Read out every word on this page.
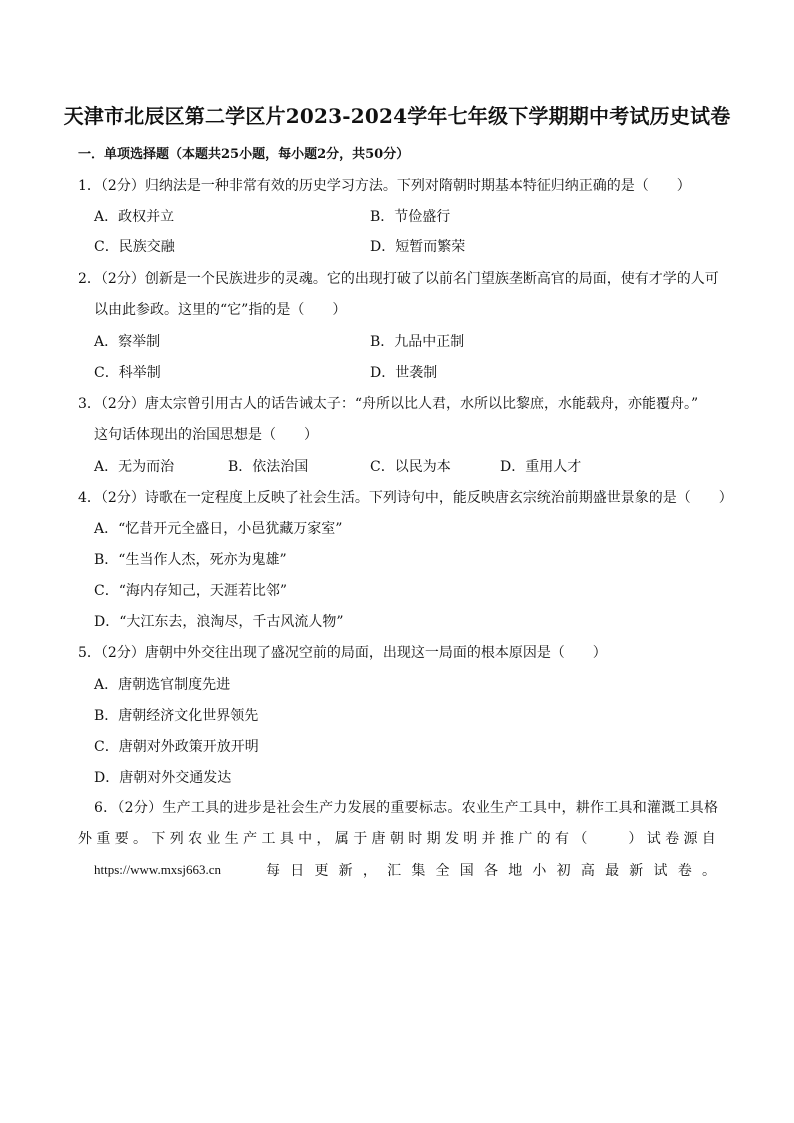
天津市北辰区第二学区片2023-2024学年七年级下学期期中考试历史试卷
一．单项选择题（本题共25小题，每小题2分，共50分）
1．（2分）归纳法是一种非常有效的历史学习方法。下列对隋朝时期基本特征归纳正确的是（　　）
A．政权并立	B．节俭盛行
C．民族交融	D．短暂而繁荣
2．（2分）创新是一个民族进步的灵魂。它的出现打破了以前名门望族垄断高官的局面，使有才学的人可
以由此参政。这里的“它”指的是（　　）
A．察举制	B．九品中正制
C．科举制	D．世袭制
3．（2分）唐太宗曾引用古人的话告诫太子：“舟所以比人君，水所以比黎庶，水能载舟，亦能覆舟。”
这句话体现出的治国思想是（　　）
A．无为而治	B．依法治国	C．以民为本	D．重用人才
4．（2分）诗歌在一定程度上反映了社会生活。下列诗句中，能反映唐玄宗统治前期盛世景象的是（　　）
A．“忆昔开元全盛日，小邑犹藏万家室”
B．“生当作人杰，死亦为鬼雄”
C．“海内存知己，天涯若比邻”
D．“大江东去，浪淘尽，千古风流人物”
5．（2分）唐朝中外交往出现了盛况空前的局面，出现这一局面的根本原因是（　　）
A．唐朝选官制度先进
B．唐朝经济文化世界领先
C．唐朝对外政策开放开明
D．唐朝对外交通发达
6．（2分）生产工具的进步是社会生产力发展的重要标志。农业生产工具中，耕作工具和灌溉工具格
外重要。下列农业生产工具中，属于唐朝时期发明并推广的有（　　）试卷源自
https://www.mxsj663.cn	每 日 更 新 ， 汇 集 全 国 各 地 小 初 高 最 新 试 卷 。
